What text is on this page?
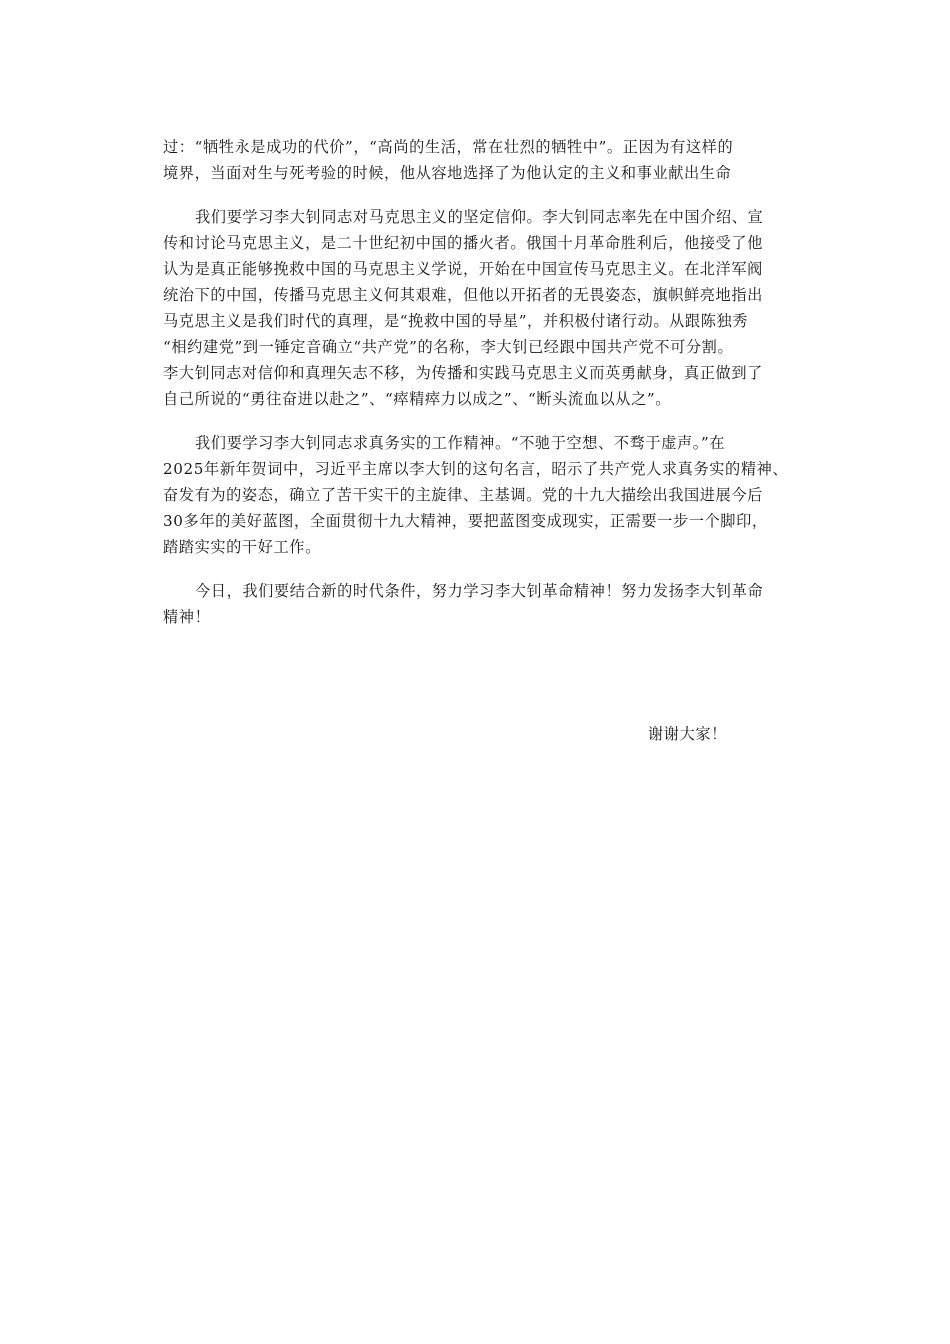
过：“牺牲永是成功的代价”，“高尚的生活，常在壮烈的牺牲中”。正因为有这样的
境界，当面对生与死考验的时候，他从容地选择了为他认定的主义和事业献出生命

我们要学习李大钊同志对马克思主义的坚定信仰。李大钊同志率先在中国介绍、宣
传和讨论马克思主义，是二十世纪初中国的播火者。俄国十月革命胜利后，他接受了他
认为是真正能够挽救中国的马克思主义学说，开始在中国宣传马克思主义。在北洋军阀
统治下的中国，传播马克思主义何其艰难，但他以开拓者的无畏姿态，旗帜鲜亮地指出
马克思主义是我们时代的真理，是“挽救中国的导星”，并积极付诸行动。从跟陈独秀
“相约建党”到一锤定音确立“共产党”的名称，李大钊已经跟中国共产党不可分割。
李大钊同志对信仰和真理矢志不移，为传播和实践马克思主义而英勇献身，真正做到了
自己所说的“勇往奋进以赴之”、“瘁精瘁力以成之”、“断头流血以从之”。

我们要学习李大钊同志求真务实的工作精神。“不驰于空想、不骛于虚声。”在
2025年新年贺词中，习近平主席以李大钊的这句名言，昭示了共产党人求真务实的精神、
奋发有为的姿态，确立了苦干实干的主旋律、主基调。党的十九大描绘出我国进展今后
30多年的美好蓝图，全面贯彻十九大精神，要把蓝图变成现实，正需要一步一个脚印，
踏踏实实的干好工作。

今日，我们要结合新的时代条件，努力学习李大钊革命精神！努力发扬李大钊革命
精神！

谢谢大家！
